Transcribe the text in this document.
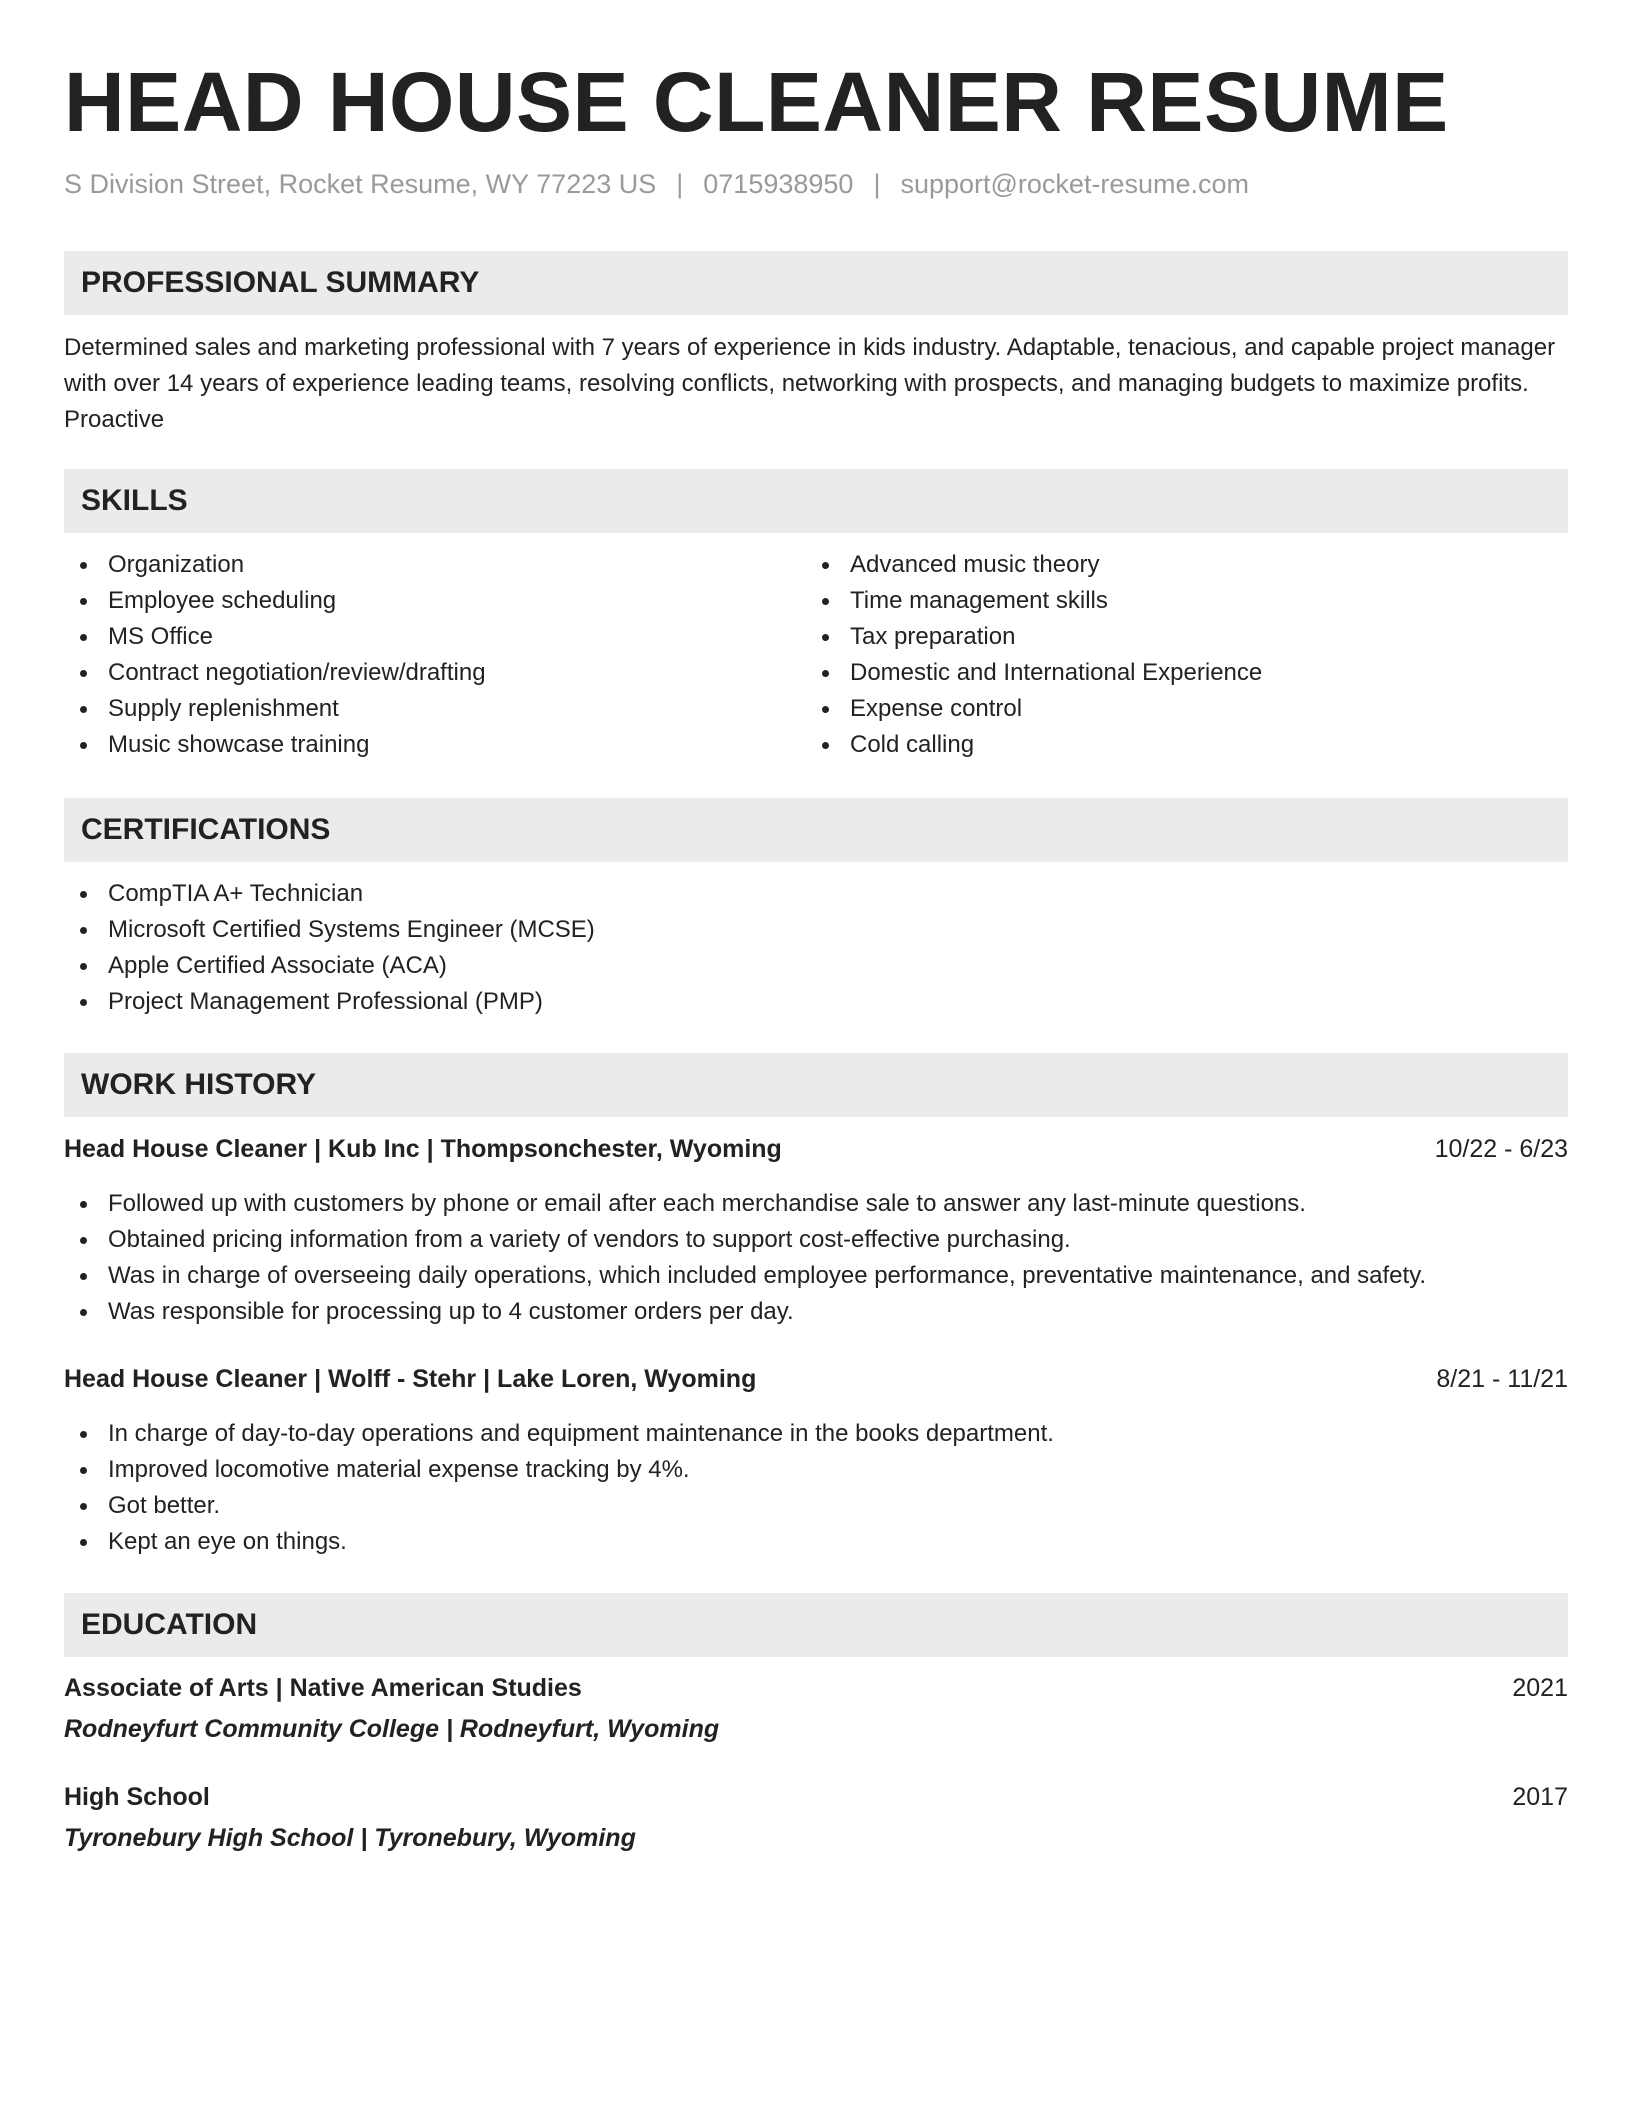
HEAD HOUSE CLEANER RESUME
S Division Street, Rocket Resume, WY 77223 US | 0715938950 | support@rocket-resume.com
PROFESSIONAL SUMMARY

Determined sales and marketing professional with 7 years of experience in kids industry. Adaptable, tenacious, and capable project manager with over 14 years of experience leading teams, resolving conflicts, networking with prospects, and managing budgets to maximize profits. Proactive

SKILLS
Organization
Employee scheduling
MS Office
Contract negotiation/review/drafting
Supply replenishment
Music showcase training
Advanced music theory
Time management skills
Tax preparation
Domestic and International Experience
Expense control
Cold calling
CERTIFICATIONS
CompTIA A+ Technician
Microsoft Certified Systems Engineer (MCSE)
Apple Certified Associate (ACA)
Project Management Professional (PMP)
WORK HISTORY
Head House Cleaner | Kub Inc | Thompsonchester, Wyoming	10/22 - 6/23
Followed up with customers by phone or email after each merchandise sale to answer any last-minute questions.
Obtained pricing information from a variety of vendors to support cost-effective purchasing.
Was in charge of overseeing daily operations, which included employee performance, preventative maintenance, and safety.
Was responsible for processing up to 4 customer orders per day.
Head House Cleaner | Wolff - Stehr | Lake Loren, Wyoming	8/21 - 11/21
In charge of day-to-day operations and equipment maintenance in the books department.
Improved locomotive material expense tracking by 4%.
Got better.
Kept an eye on things.
EDUCATION
Associate of Arts | Native American Studies	2021
Rodneyfurt Community College | Rodneyfurt, Wyoming
High School	2017
Tyronebury High School | Tyronebury, Wyoming
